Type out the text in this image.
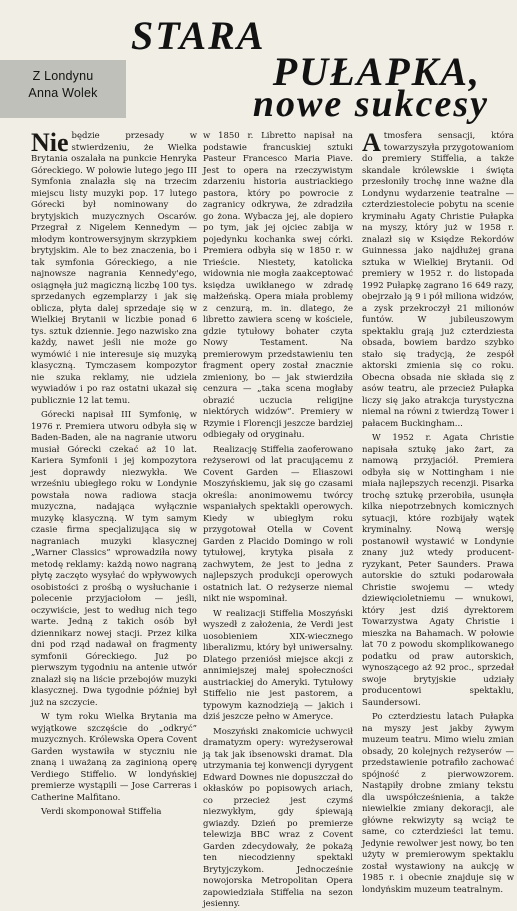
Z Londynu
Anna Wolek
STARA
PUŁAPKA,
nowe sukcesy

Nie będzie przesady w stwierdzeniu, że Wielka Brytania oszalała na punkcie Henryka Góreckiego. W połowie lutego jego III Symfonia znalazła się na trzecim miejscu listy muzyki pop. 17 lutego Górecki był nominowany do brytyjskich muzycznych Oscarów. Przegrał z Nigelem Kennedym — młodym kontrowersyjnym skrzypkiem brytyjskim. Ale to bez znaczenia, bo i tak symfonia Góreckiego, a nie najnowsze nagrania Kennedy'ego, osiągnęła już magiczną liczbę 100 tys. sprzedanych egzemplarzy i jak się obliczа, płyta dalej sprzedaje się w Wielkiej Brytanii w liczbie ponad 6 tys. sztuk dziennie. Jego nazwisko zna każdy, nawet jeśli nie może go wymówić i nie interesuje się muzyką klasyczną. Tymczasem kompozytor nie szukа reklamy, nie udziela wywiadów i po raz ostatni ukazał się publicznie 12 lat temu.

Górecki napisał III Symfonię, w 1976 r. Premiera utworu odbyła się w Baden-Baden, ale na nagranie utworu musiał Górecki czekać aż 10 lat. Kariera Symfonii i jej kompozytora jest doprawdy niezwykła. We wrześniu ubiegłego roku w Londynie powstała nowa radiowa stacja muzyczna, nadająca wyłącznie muzykę klasyczną. W tym samym czasie firma specjalizująca się w nagraniach muzyki klasycznej „Warner Classics” wprowadziła nowy metodę reklamy: każdą nowo nagraną płytę zaczęto wysyłać do wpływowych osobistości z prośbą o wysłuchanie i polecenie przyjaciołom — jeśli, oczywiście, jest to według nich tego warte. Jedną z takich osób był dziennikarz nowej stacji. Przez kilka dni pod rząd nadawał on fragmenty symfonii Góreckiego. Już po pierwszym tygodniu na antenie utwór znalazł się na liście przebojów muzyki klasycznej. Dwa tygodnie później był już na szczycie.

W tym roku Wielka Brytania ma wyjątkowe szczęście do „odkryć” muzycznych. Królewska Opera Covent Garden wystawiła w styczniu nie znaną i uważaną za zaginioną operę Verdiego Stiffelio. W londyńskiej premierze wystąpili — Jose Carreras i Catherine Malfitano.

Verdi skomponował Stiffelia

w 1850 r. Libretto napisał na podstawie francuskiej sztuki Pasteur Francesco Maria Piave. Jest to opera na rzeczywistym zdarzeniu historia austriackiego pastora, który po powrocie z zagranicy odkrywa, że zdradziła go żona. Wybacza jej, ale dopiero po tym, jak jej ojciec zabija w pojedynku kochanka swej córki. Premiera odbyła się w 1850 r. w Trieście. Niestety, katolicka widownia nie mogła zaakceptować księdza uwikłanego w zdradę małżeńską. Opera miała problemy z cenzurą, m. in. dlatego, że libretto zawiera scenę w kościele, gdzie tytułowy bohater czyta Nowy Testament. Na premierowym przedstawieniu ten fragment opery został znacznie zmieniony, bo — jak stwierdziła cenzura — „taka scena mogłaby obrazić uczucia religijne niektórych widzów”. Premiery w Rzymie i Florencji jeszcze bardziej odbiegały od oryginału.

Realizację Stiffelia zaoferowano reżyserowi od lat pracującemu z Covent Garden — Eliaszowi Moszyńskiemu, jak się go czasami określa: anonimowemu twórcy wspaniałych spektakli operowych. Kiedy w ubiegłym roku przygotował Otella w Covent Garden z Placido Domingo w roli tytułowej, krytyka pisała z zachwytem, że jest to jedna z najlepszych produkcji operowych ostatnich lat. O reżyserze niemal nikt nie wspominał.

W realizacji Stiffelia Moszyński wyszedł z założenia, że Verdi jest uosobieniem XIX-wiecznego liberalizmu, który był uniwersalny. Dlatego przeniósł miejsce akcji z annimiejszej małej społeczności austriackiej do Ameryki. Tytułowy Stiffelio nie jest pastorem, a typowym kaznodzieją — jakich i dziś jeszcze pełno w Ameryce.

Moszyński znakomicie uchwycił dramatyzm opery: wyreżyserował ją tak jak ibsenowski dramat. Dla utrzymania tej konwencji dyrygent Edward Downes nie dopuszczał do okłasków po popisowych ariach, co przecież jest czymś niezwykłym, gdy śpiewają gwiazdy. Dzień po premierze telewizja BBC wraz z Covent Garden zdecydowały, że pokażą ten niecodzienny spektakl Brytyjczykom. Jednocześnie nowojorska Metropolitan Opera zapowiedziała Stiffelia na sezon jesienny.

Atmosfera sensacji, która towarzyszyła przygotowaniom do premiery Stiffelia, a także skandale królewskie i święta przesłoniły trochę inne ważne dla Londynu wydarzenie teatralne — czterdziestolecie pobytu na scenie kryminału Agaty Christie Pułapka na myszy, który już w 1958 r. znalazł się w Księdze Rekordów Guinnessa jako najdłużej grana sztuka w Wielkiej Brytanii. Od premiery w 1952 r. do listopada 1992 Pułapkę zagrano 16 649 razy, obejrzało ją 9 i pół miliona widzów, a zysk przekroczył 21 milionów funtów. W jubileuszowym spektaklu grają już czterdziesta obsada, bowiem bardzo szybko stało się tradycją, że zespół aktorski zmienia się co roku. Obecna obsada nie składa się z asów teatru, ale przecież Pułapka liczy się jako atrakcja turystyczna niemal na równi z twierdzą Tower i pałacem Buckingham...

W 1952 r. Agata Christie napisała sztukę jako żart, za namową przyjaciół. Premiera odbyła się w Nottingham i nie miała najlepszych recenzji. Pisarka trochę sztukę przerobiła, usunęła kilka niepotrzebnych komicznych sytuacji, które rozbijały wątek kryminalny. Nową wersję postanowił wystawić w Londynie znany już wtedy producent-ryzykant, Peter Saunders. Prawa autorskie do sztuki podarowała Christie swojemu — wtedy dziewięcioletniemu — wnukowi, który jest dziś dyrektorem Towarzystwa Agaty Christie i mieszka na Bahamach. W połowie lat 70 z powodu skomplikowanego podatku od praw autorskich, wynoszącego aż 92 proc., sprzedał swoje brytyjskie udziały producentowi spektaklu, Saundersowi.

Po czterdziestu latach Pułapka na myszy jest jakby żywym muzeum teatru. Mimo wielu zmian obsady, 20 kolejnych reżyserów — przedstawienie potrafiło zachować spójność z pierwowzorem. Nastąpiły drobne zmiany tekstu dla uwspółcześnienia, a także niewielkie zmiany dekoracji, ale główne rekwizyty są wciąż te same, co czterdzieści lat temu. Jedynie rewolwer jest nowy, bo ten użyty w premierowym spektaklu został wystawiony na aukcję w 1985 r. i obecnie znajduje się w londyńskim muzeum teatralnym.
